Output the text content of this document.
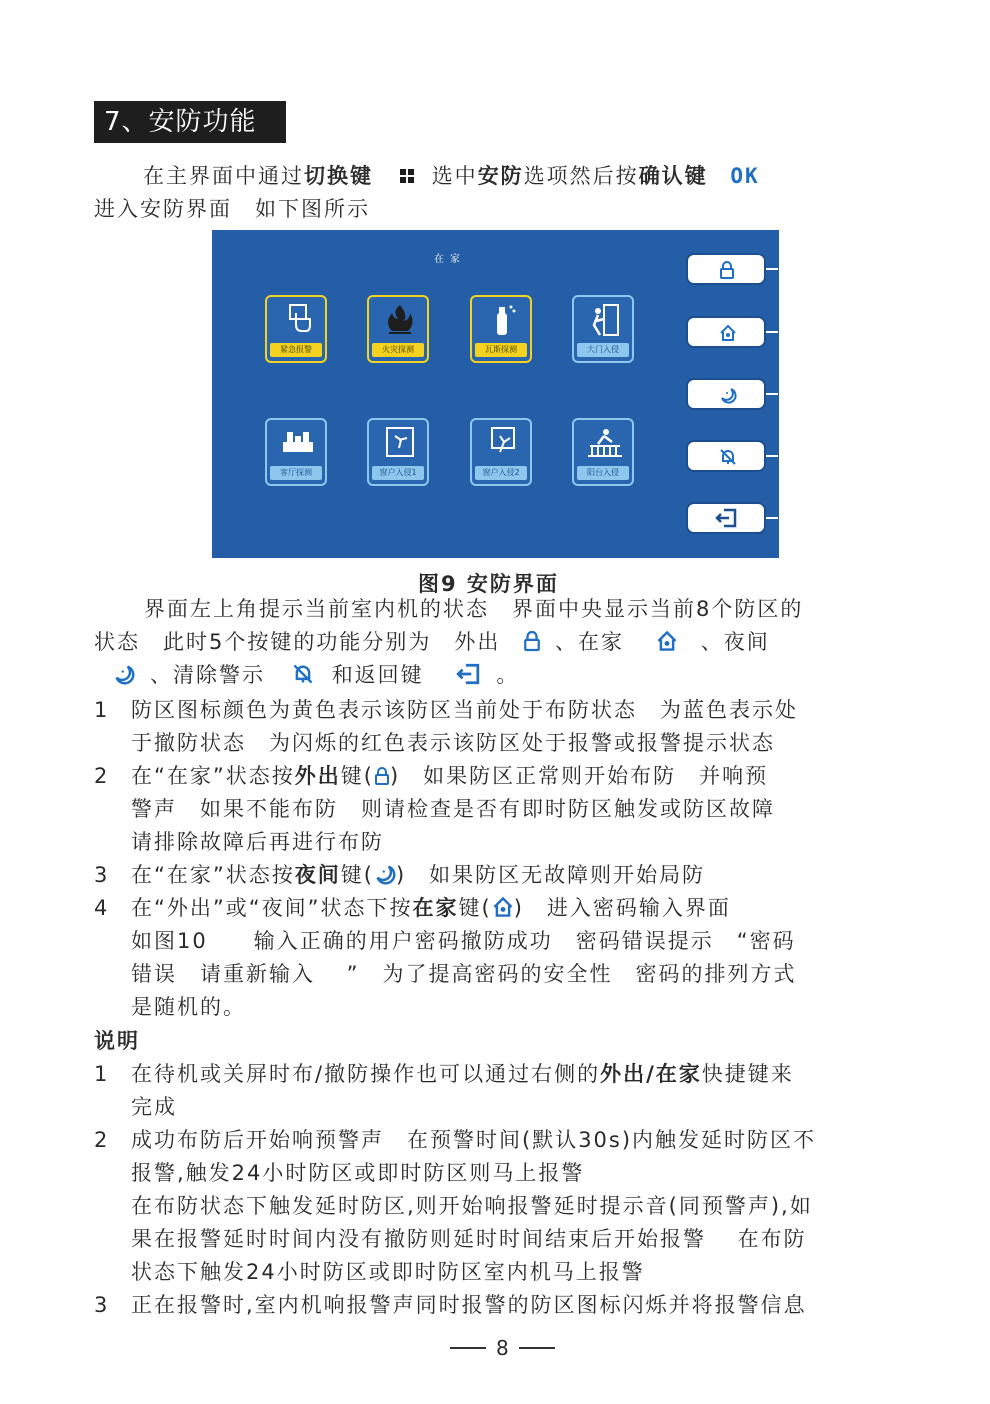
7、安防功能
在主界面中通过切换键	选中安防选项然后按确认键 OK
进入安防界面　如下图所示
在家
紧急报警	火灾探测	瓦斯探测	大门入侵
客厅探测	窗户入侵1	窗户入侵2	阳台入侵
图9 安防界面
界面左上角提示当前室内机的状态　界面中央显示当前8个防区的
状态　此时5个按键的功能分别为　外出	、在家	、夜间
、清除警示	和返回键	。
1 防区图标颜色为黄色表示该防区当前处于布防状态　为蓝色表示处
于撤防状态　为闪烁的红色表示该防区处于报警或报警提示状态
2 在“在家”状态按外出键( )　如果防区正常则开始布防　并响预
警声　如果不能布防　则请检查是否有即时防区触发或防区故障
请排除故障后再进行布防
3 在“在家”状态按夜间键( )　如果防区无故障则开始局防
4 在“外出”或“夜间”状态下按在家键( )　进入密码输入界面
如图10　　输入正确的用户密码撤防成功　密码错误提示　“密码
错误　请重新输入　 ”　为了提高密码的安全性　密码的排列方式
是随机的。
说明
1 在待机或关屏时布/撤防操作也可以通过右侧的外出/在家快捷键来
完成
2 成功布防后开始响预警声　在预警时间(默认30s)内触发延时防区不
报警,触发24小时防区或即时防区则马上报警
在布防状态下触发延时防区,则开始响报警延时提示音(同预警声),如
果在报警延时时间内没有撤防则延时时间结束后开始报警　 在布防
状态下触发24小时防区或即时防区室内机马上报警
3 正在报警时,室内机响报警声同时报警的防区图标闪烁并将报警信息
8
